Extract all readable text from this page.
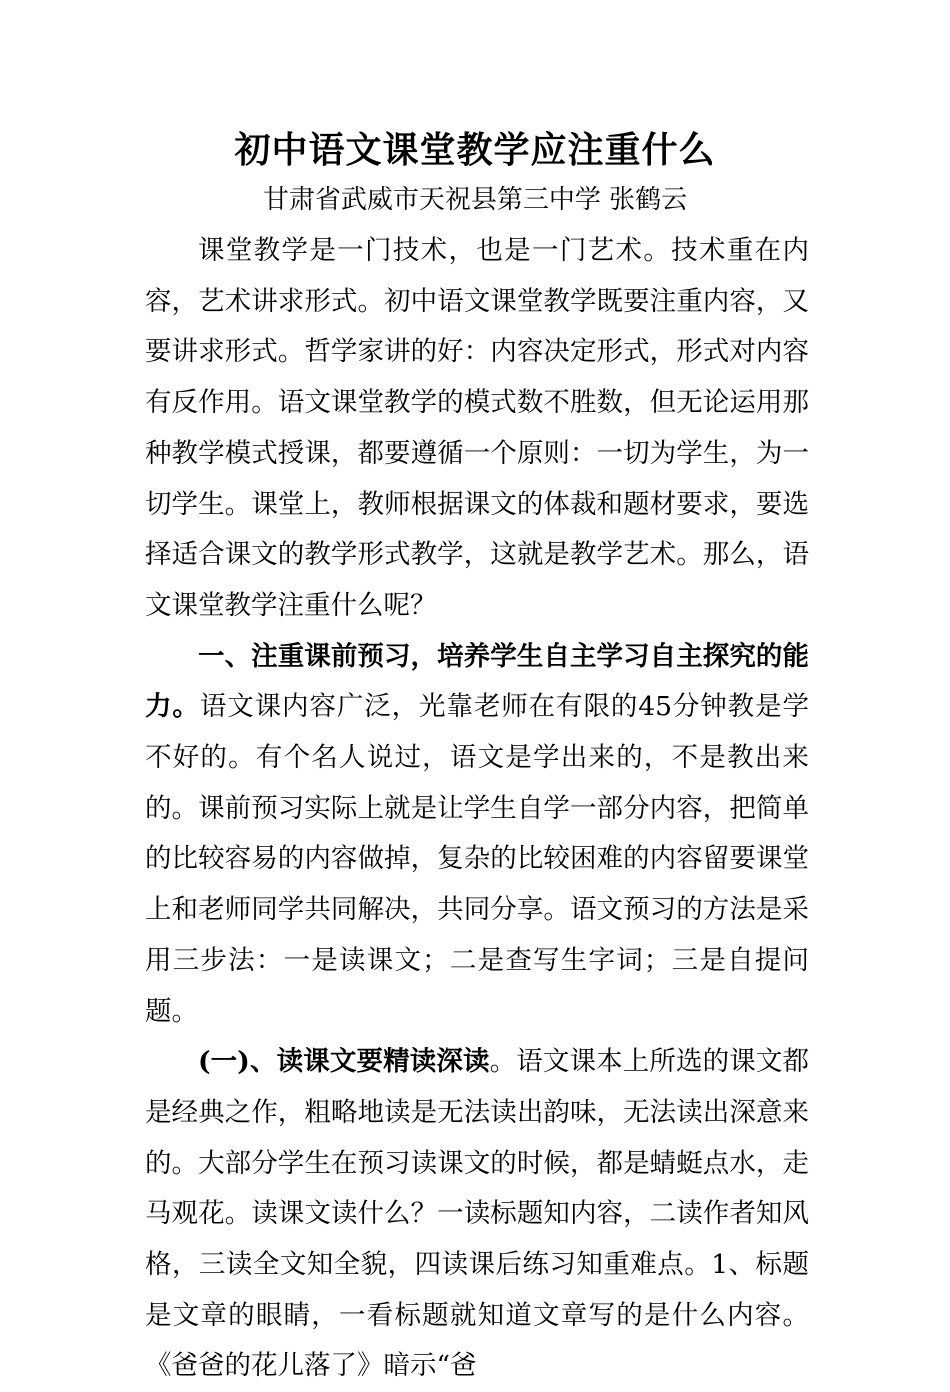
初中语文课堂教学应注重什么
甘肃省武威市天祝县第三中学 张鹤云

课堂教学是一门技术，也是一门艺术。技术重在内容，艺术讲求形式。初中语文课堂教学既要注重内容，又要讲求形式。哲学家讲的好：内容决定形式，形式对内容有反作用。语文课堂教学的模式数不胜数，但无论运用那种教学模式授课，都要遵循一个原则：一切为学生，为一切学生。课堂上，教师根据课文的体裁和题材要求，要选择适合课文的教学形式教学，这就是教学艺术。那么，语文课堂教学注重什么呢？

一、注重课前预习，培养学生自主学习自主探究的能力。语文课内容广泛，光靠老师在有限的45分钟教是学不好的。有个名人说过，语文是学出来的，不是教出来的。课前预习实际上就是让学生自学一部分内容，把简单的比较容易的内容做掉，复杂的比较困难的内容留要课堂上和老师同学共同解决，共同分享。语文预习的方法是采用三步法：一是读课文；二是查写生字词；三是自提问题。

(一)、读课文要精读深读。语文课本上所选的课文都是经典之作，粗略地读是无法读出韵味，无法读出深意来的。大部分学生在预习读课文的时候，都是蜻蜓点水，走马观花。读课文读什么？一读标题知内容，二读作者知风格，三读全文知全貌，四读课后练习知重难点。1、标题是文章的眼睛，一看标题就知道文章写的是什么内容。《爸爸的花儿落了》暗示“爸
